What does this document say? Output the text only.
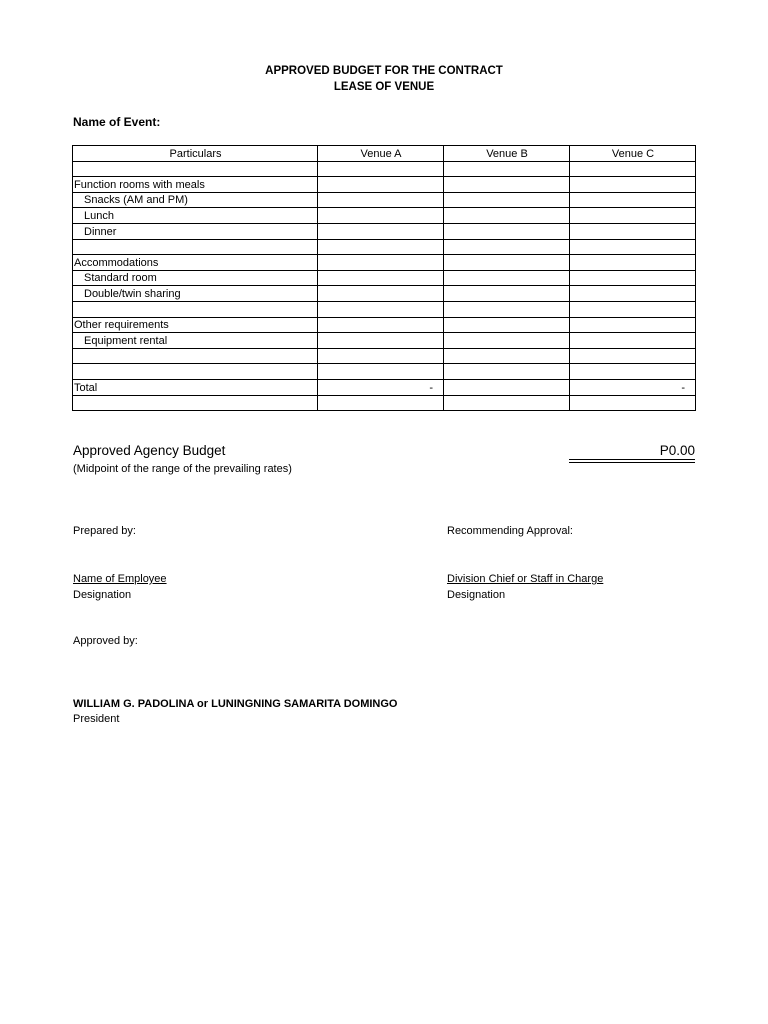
APPROVED BUDGET FOR THE CONTRACT
LEASE OF VENUE
Name of Event:
Particulars	Venue A	Venue B	Venue C

Function rooms with meals			
Snacks (AM and PM)			
Lunch			
Dinner			

Accommodations			
Standard room			
Double/twin sharing			

Other requirements			
Equipment rental			

Total	-		-

Approved Agency Budget	P0.00
(Midpoint of the range of the prevailing rates)
Prepared by:	Recommending Approval:
Name of Employee	Division Chief or Staff in Charge
Designation	Designation
Approved by:
WILLIAM G. PADOLINA or LUNINGNING SAMARITA DOMINGO
President
